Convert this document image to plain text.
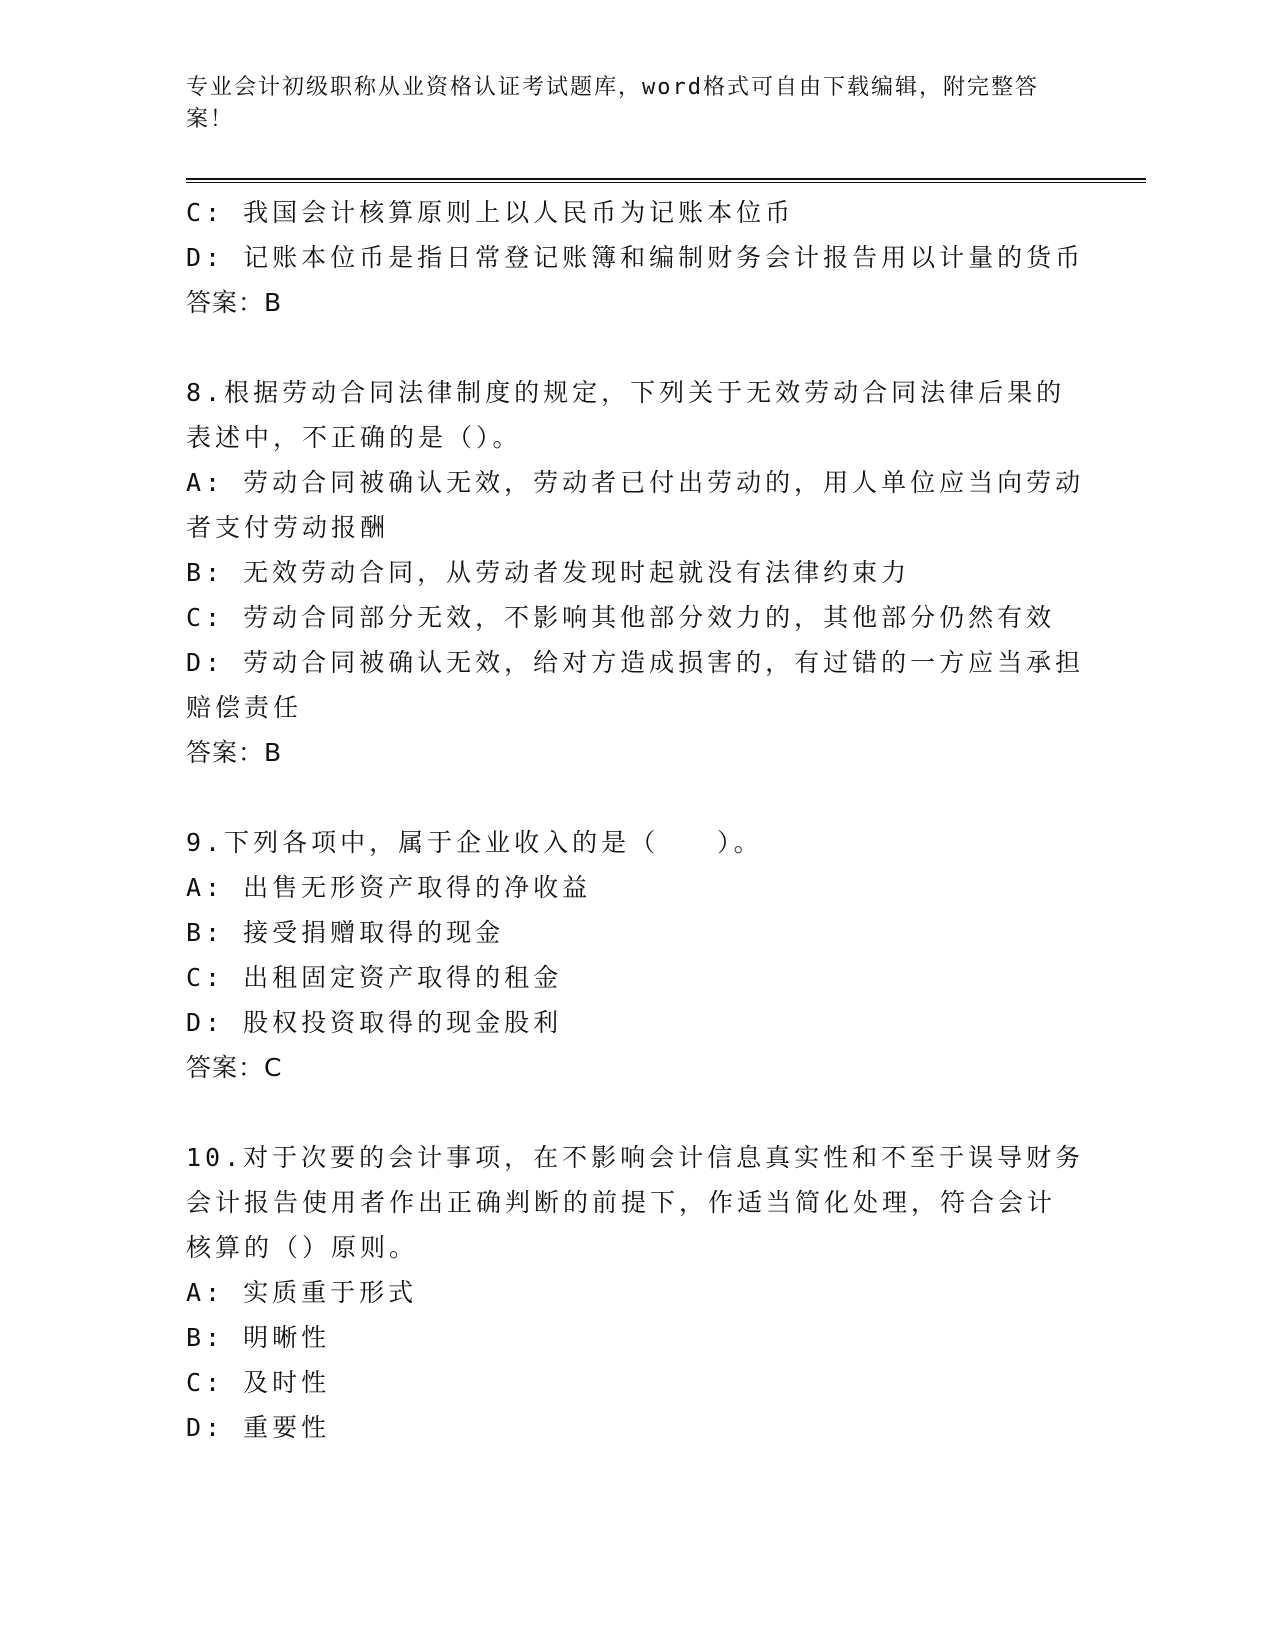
专业会计初级职称从业资格认证考试题库，word格式可自由下载编辑，附完整答案！
C: 我国会计核算原则上以人民币为记账本位币
D: 记账本位币是指日常登记账簿和编制财务会计报告用以计量的货币
答案：B
8.根据劳动合同法律制度的规定，下列关于无效劳动合同法律后果的
表述中，不正确的是（）。
A: 劳动合同被确认无效，劳动者已付出劳动的，用人单位应当向劳动
者支付劳动报酬
B: 无效劳动合同，从劳动者发现时起就没有法律约束力
C: 劳动合同部分无效，不影响其他部分效力的，其他部分仍然有效
D: 劳动合同被确认无效，给对方造成损害的，有过错的一方应当承担
赔偿责任
答案：B
9.下列各项中，属于企业收入的是（　　）。
A: 出售无形资产取得的净收益
B: 接受捐赠取得的现金
C: 出租固定资产取得的租金
D: 股权投资取得的现金股利
答案：C
10.对于次要的会计事项，在不影响会计信息真实性和不至于误导财务
会计报告使用者作出正确判断的前提下，作适当简化处理，符合会计
核算的（）原则。
A: 实质重于形式
B: 明晰性
C: 及时性
D: 重要性
